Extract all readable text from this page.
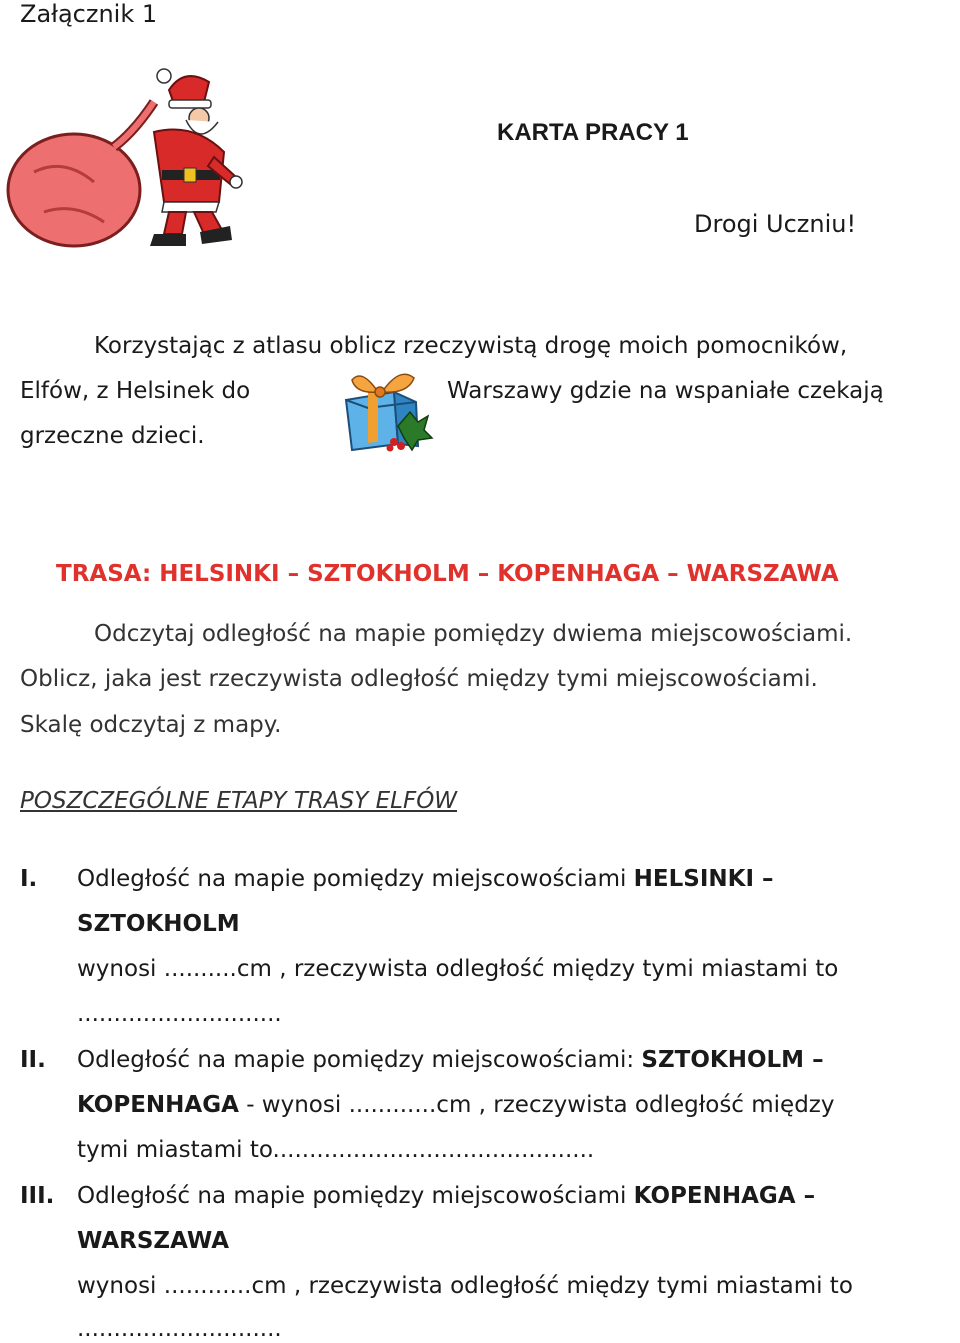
Załącznik 1
KARTA PRACY 1
Drogi Uczniu!
Korzystając z atlasu oblicz rzeczywistą drogę moich pomocników,
Elfów, z Helsinek do	Warszawy gdzie na wspaniałe czekają
grzeczne dzieci.
TRASA: HELSINKI – SZTOKHOLM – KOPENHAGA – WARSZAWA
Odczytaj odległość na mapie pomiędzy dwiema miejscowościami.
Oblicz, jaka jest rzeczywista odległość między tymi miejscowościami.
Skalę odczytaj z mapy.
POSZCZEGÓLNE ETAPY TRASY ELFÓW
I. Odległość na mapie pomiędzy miejscowościami HELSINKI –
SZTOKHOLM
wynosi ..........cm , rzeczywista odległość między tymi miastami to
............................
II. Odległość na mapie pomiędzy miejscowościami: SZTOKHOLM –
KOPENHAGA - wynosi ............cm , rzeczywista odległość między
tymi miastami to............................................
III. Odległość na mapie pomiędzy miejscowościami KOPENHAGA –
WARSZAWA
wynosi ............cm , rzeczywista odległość między tymi miastami to
............................
